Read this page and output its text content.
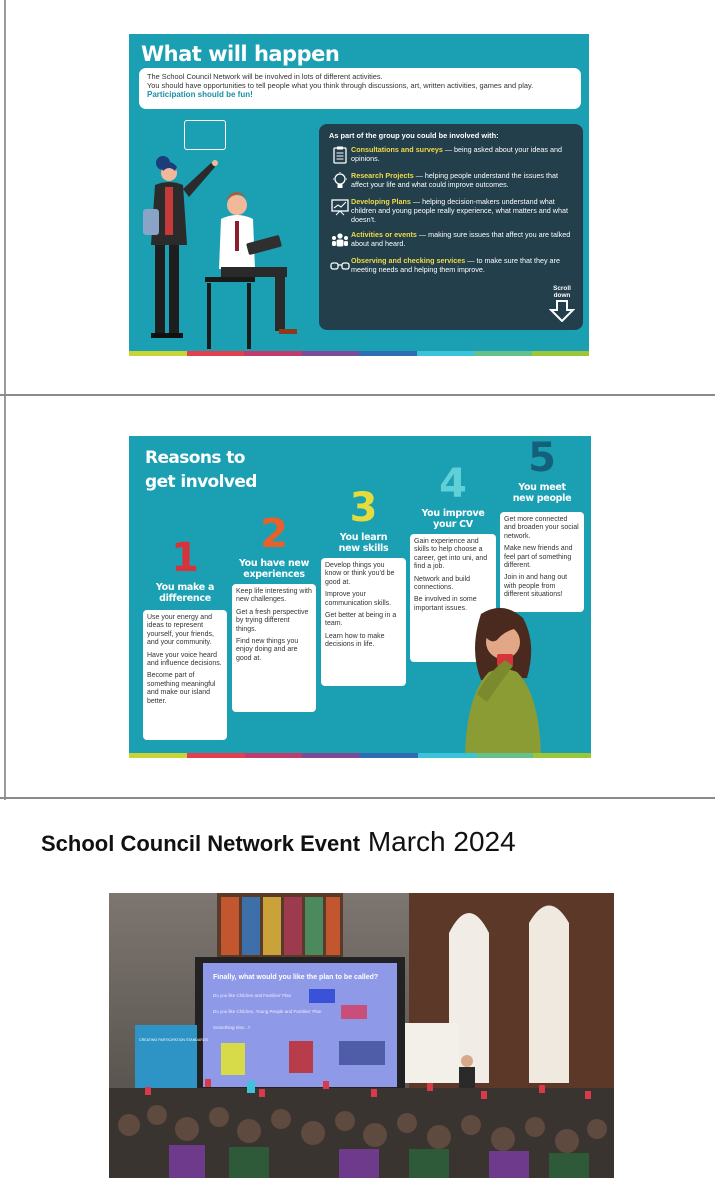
What will happen
The School Council Network will be involved in lots of different activities.
You should have opportunities to tell people what you think through discussions, art, written activities, games and play. Participation should be fun!
As part of the group you could be involved with:
Consultations and surveys — being asked about your ideas and opinions.
Research Projects — helping people understand the issues that affect your life and what could improve outcomes.
Developing Plans — helping decision-makers understand what children and young people really experience, what matters and what doesn't.
Activities or events — making sure issues that affect you are talked about and heard.
Observing and checking services — to make sure that they are meeting needs and helping them improve.
Scroll
down
Reasons to
get involved
1
You make a
difference

Use your energy and ideas to represent yourself, your friends, and your community.

Have your voice heard and influence decisions.

Become part of something meaningful and make our island better.

2
You have new
experiences

Keep life interesting with new challenges.

Get a fresh perspective by trying different things.

Find new things you enjoy doing and are good at.

3
You learn
new skills

Develop things you know or think you'd be good at.

Improve your communication skills.

Get better at being in a team.

Learn how to make decisions in life.

4
You improve
your CV

Gain experience and skills to help choose a career, get into uni, and find a job.

Network and build connections.

Be involved in some important issues.

5
You meet
new people

Get more connected and broaden your social network.

Make new friends and feel part of something different.

Join in and hang out with people from different situations!

School Council Network Event March 2024
Finally, what would you like the plan to be called?
Do you like Children and Families' Plan
Do you like Children, Young People and Families' Plan
Something else...?
CREATING PARTICIPATION STANDARDS
